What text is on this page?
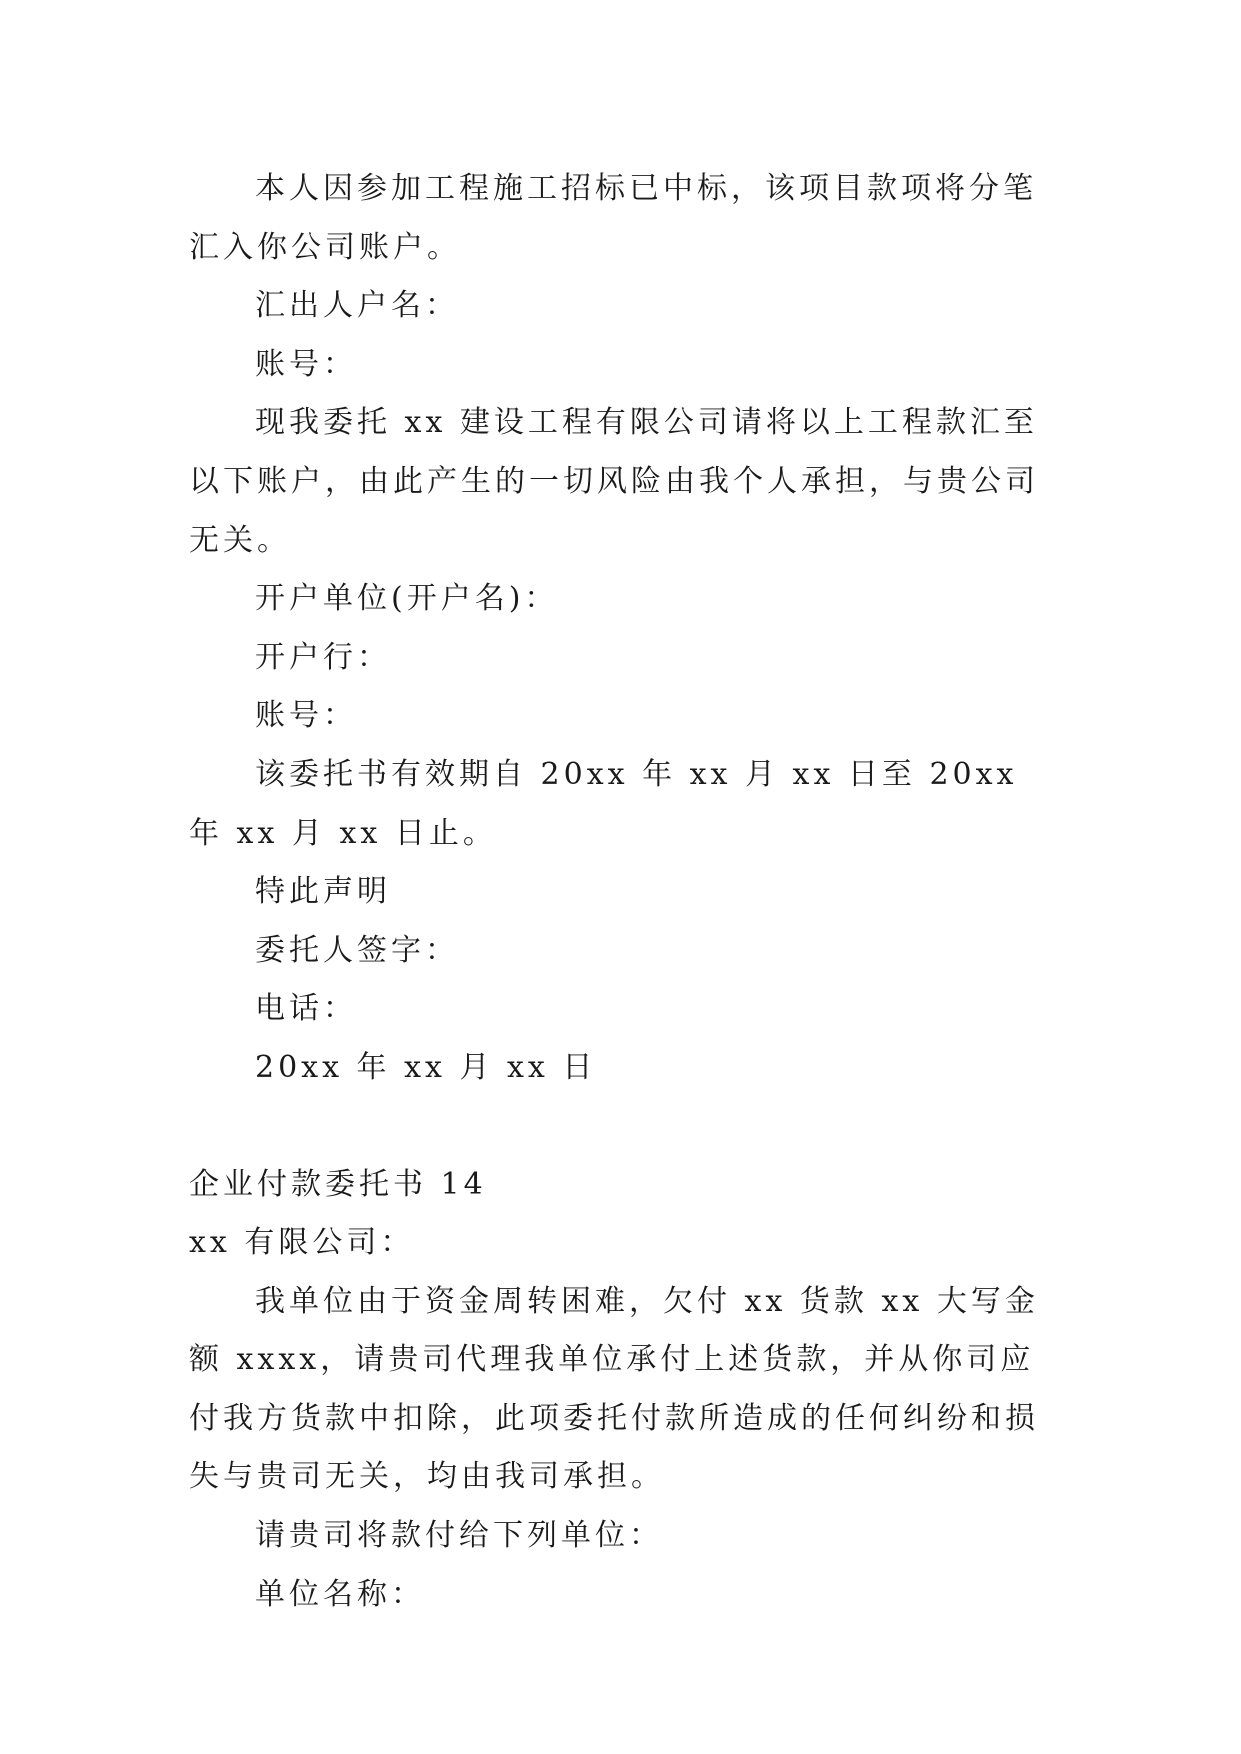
本人因参加工程施工招标已中标，该项目款项将分笔汇入你公司账户。

汇出人户名：

账号：

现我委托 xx 建设工程有限公司请将以上工程款汇至以下账户，由此产生的一切风险由我个人承担，与贵公司无关。

开户单位(开户名)：

开户行：

账号：

该委托书有效期自 20xx 年 xx 月 xx 日至 20xx 年 xx 月 xx 日止。

特此声明

委托人签字：

电话：

20xx 年 xx 月 xx 日

企业付款委托书 14

xx 有限公司：

我单位由于资金周转困难，欠付 xx 货款 xx 大写金额 xxxx，请贵司代理我单位承付上述货款，并从你司应付我方货款中扣除，此项委托付款所造成的任何纠纷和损失与贵司无关，均由我司承担。

请贵司将款付给下列单位：

单位名称：
